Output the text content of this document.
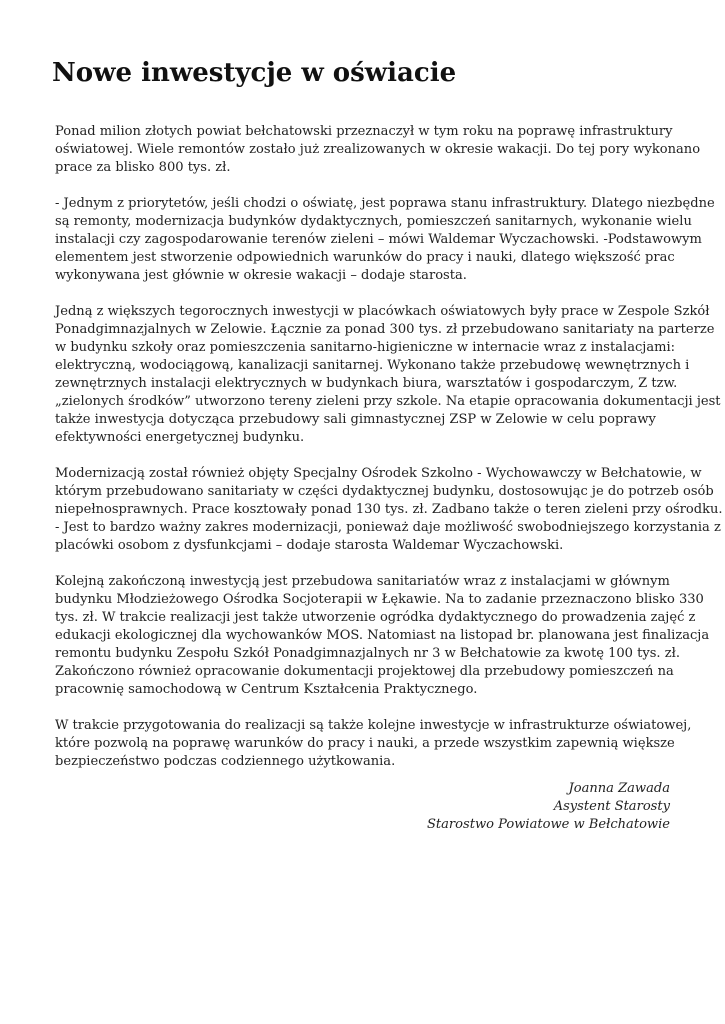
Nowe inwestycje w oświacie

Ponad milion złotych powiat bełchatowski przeznaczył w tym roku na poprawę infrastruktury
oświatowej. Wiele remontów zostało już zrealizowanych w okresie wakacji. Do tej pory wykonano
prace za blisko 800 tys. zł.

- Jednym z priorytetów, jeśli chodzi o oświatę, jest poprawa stanu infrastruktury. Dlatego niezbędne
są remonty, modernizacja budynków dydaktycznych, pomieszczeń sanitarnych, wykonanie wielu
instalacji czy zagospodarowanie terenów zieleni – mówi Waldemar Wyczachowski. -Podstawowym
elementem jest stworzenie odpowiednich warunków do pracy i nauki, dlatego większość prac
wykonywana jest głównie w okresie wakacji – dodaje starosta.

Jedną z większych tegorocznych inwestycji w placówkach oświatowych były prace w Zespole Szkół
Ponadgimnazjalnych w Zelowie. Łącznie za ponad 300 tys. zł przebudowano sanitariaty na parterze
w budynku szkoły oraz pomieszczenia sanitarno-higieniczne w internacie wraz z instalacjami:
elektryczną, wodociągową, kanalizacji sanitarnej. Wykonano także przebudowę wewnętrznych i
zewnętrznych instalacji elektrycznych w budynkach biura, warsztatów i gospodarczym, Z tzw.
„zielonych środków” utworzono tereny zieleni przy szkole. Na etapie opracowania dokumentacji jest
także inwestycja dotycząca przebudowy sali gimnastycznej ZSP w Zelowie w celu poprawy
efektywności energetycznej budynku.

Modernizacją został również objęty Specjalny Ośrodek Szkolno - Wychowawczy w Bełchatowie, w
którym przebudowano sanitariaty w części dydaktycznej budynku, dostosowując je do potrzeb osób
niepełnosprawnych. Prace kosztowały ponad 130 tys. zł. Zadbano także o teren zieleni przy ośrodku.
- Jest to bardzo ważny zakres modernizacji, ponieważ daje możliwość swobodniejszego korzystania z
placówki osobom z dysfunkcjami – dodaje starosta Waldemar Wyczachowski.

Kolejną zakończoną inwestycją jest przebudowa sanitariatów wraz z instalacjami w głównym
budynku Młodzieżowego Ośrodka Socjoterapii w Łękawie. Na to zadanie przeznaczono blisko 330
tys. zł. W trakcie realizacji jest także utworzenie ogródka dydaktycznego do prowadzenia zajęć z
edukacji ekologicznej dla wychowanków MOS. Natomiast na listopad br. planowana jest finalizacja
remontu budynku Zespołu Szkół Ponadgimnazjalnych nr 3 w Bełchatowie za kwotę 100 tys. zł.
Zakończono również opracowanie dokumentacji projektowej dla przebudowy pomieszczeń na
pracownię samochodową w Centrum Kształcenia Praktycznego.

W trakcie przygotowania do realizacji są także kolejne inwestycje w infrastrukturze oświatowej,
które pozwolą na poprawę warunków do pracy i nauki, a przede wszystkim zapewnią większe
bezpieczeństwo podczas codziennego użytkowania.

Joanna Zawada
Asystent Starosty
Starostwo Powiatowe w Bełchatowie
